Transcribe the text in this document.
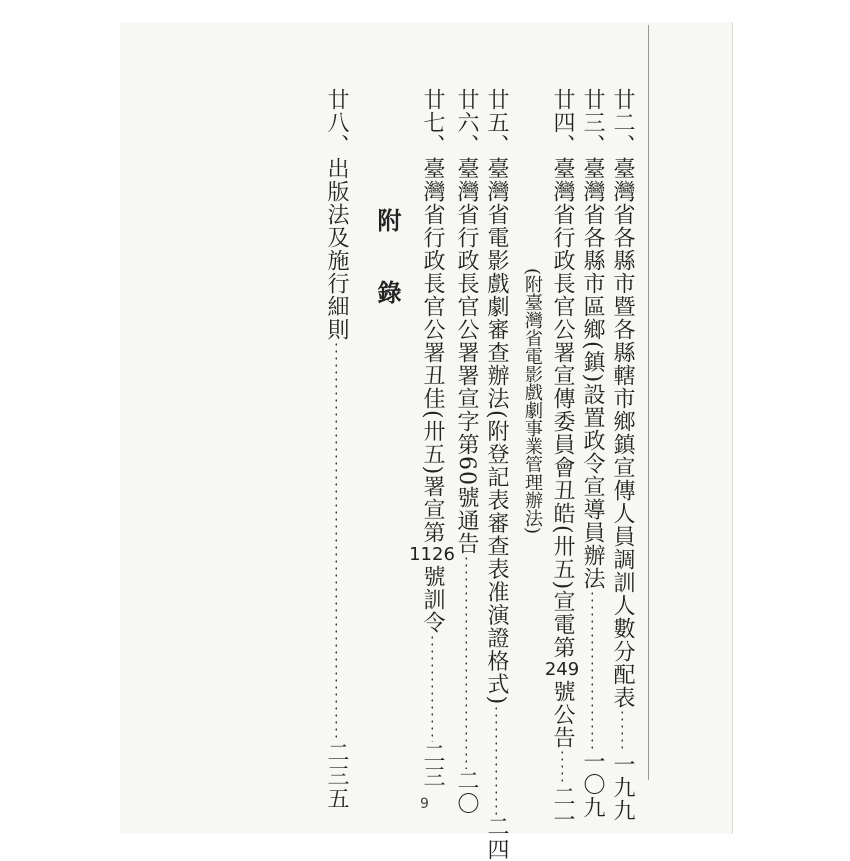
廿二、
臺灣省各縣市暨各縣轄市鄉鎮宣傳人員調訓人數分配表
一九九
廿三、
臺灣省各縣市區鄉(鎮)設置政令宣導員辦法
一〇九
廿四、
臺灣省行政長官公署宣傳委員會丑皓(卅五)宣電第
249
號公告
二一
(附臺灣省電影戲劇事業管理辦法)
廿五、
臺灣省電影戲劇審查辦法(附登記表審查表准演證格式)
二四
廿六、
臺灣省行政長官公署署宣字第60號通告
二〇
廿七、
臺灣省行政長官公署丑佳(卅五)署宣第
1126
號訓令
二三
附　　錄
廿八、
出版法及施行細則
二三五	9
